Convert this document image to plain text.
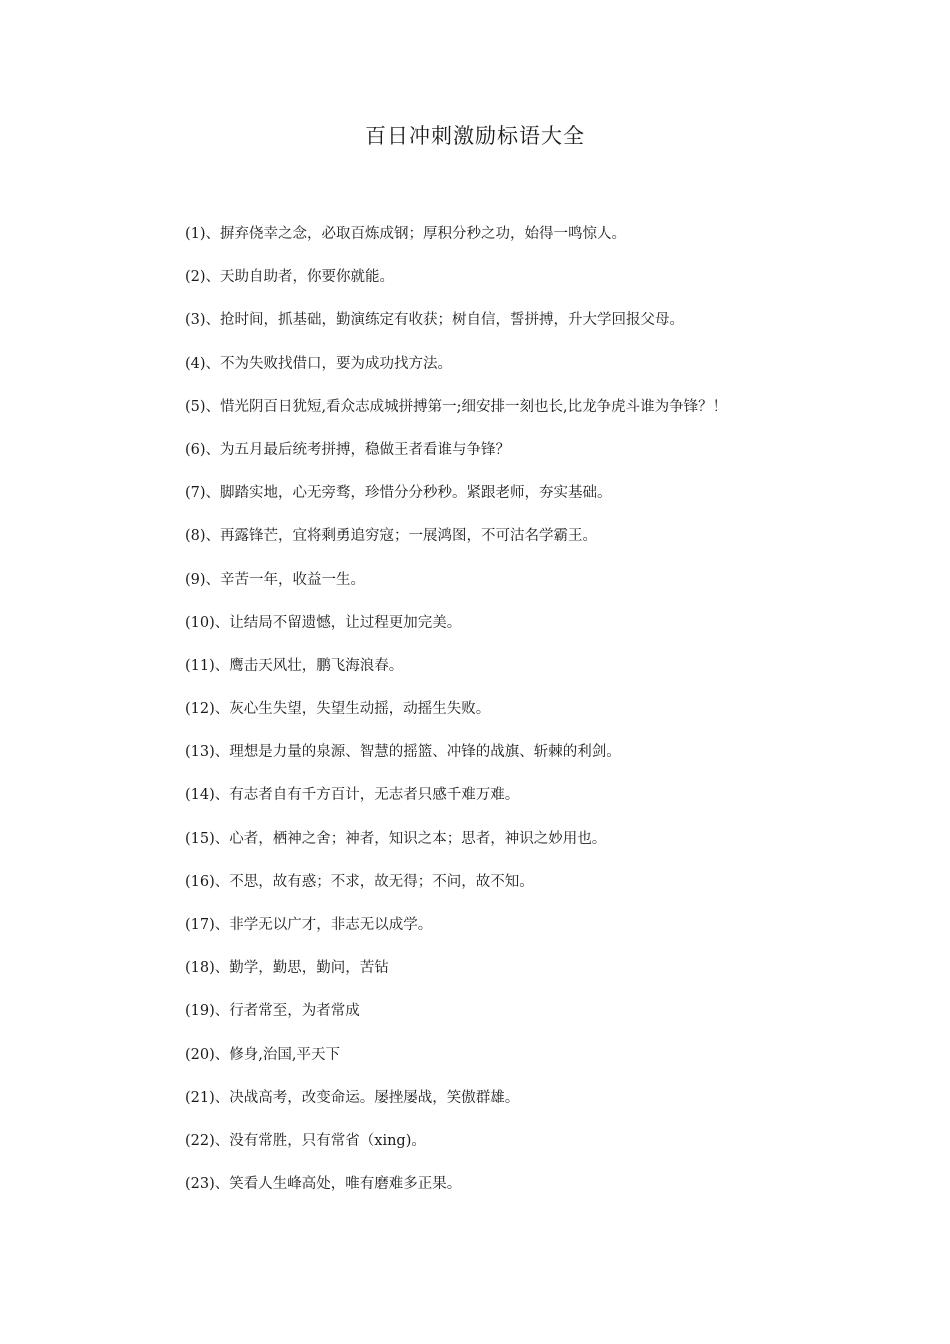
百日冲刺激励标语大全
(1)、摒弃侥幸之念，必取百炼成钢；厚积分秒之功，始得一鸣惊人。
(2)、天助自助者，你要你就能。
(3)、抢时间，抓基础，勤演练定有收获；树自信，誓拼搏，升大学回报父母。
(4)、不为失败找借口，要为成功找方法。
(5)、惜光阴百日犹短,看众志成城拼搏第一;细安排一刻也长,比龙争虎斗谁为争锋？！
(6)、为五月最后统考拼搏，稳做王者看谁与争锋？
(7)、脚踏实地，心无旁骛，珍惜分分秒秒。紧跟老师，夯实基础。
(8)、再露锋芒，宜将剩勇追穷寇；一展鸿图，不可沽名学霸王。
(9)、辛苦一年，收益一生。
(10)、让结局不留遗憾，让过程更加完美。
(11)、鹰击天风壮，鹏飞海浪春。
(12)、灰心生失望，失望生动摇，动摇生失败。
(13)、理想是力量的泉源、智慧的摇篮、冲锋的战旗、斩棘的利剑。
(14)、有志者自有千方百计，无志者只感千难万难。
(15)、心者，栖神之舍；神者，知识之本；思者，神识之妙用也。
(16)、不思，故有惑；不求，故无得；不问，故不知。
(17)、非学无以广才，非志无以成学。
(18)、勤学，勤思，勤问，苦钻
(19)、行者常至，为者常成
(20)、修身,治国,平天下
(21)、决战高考，改变命运。屡挫屡战，笑傲群雄。
(22)、没有常胜，只有常省（xing)。
(23)、笑看人生峰高处，唯有磨难多正果。
